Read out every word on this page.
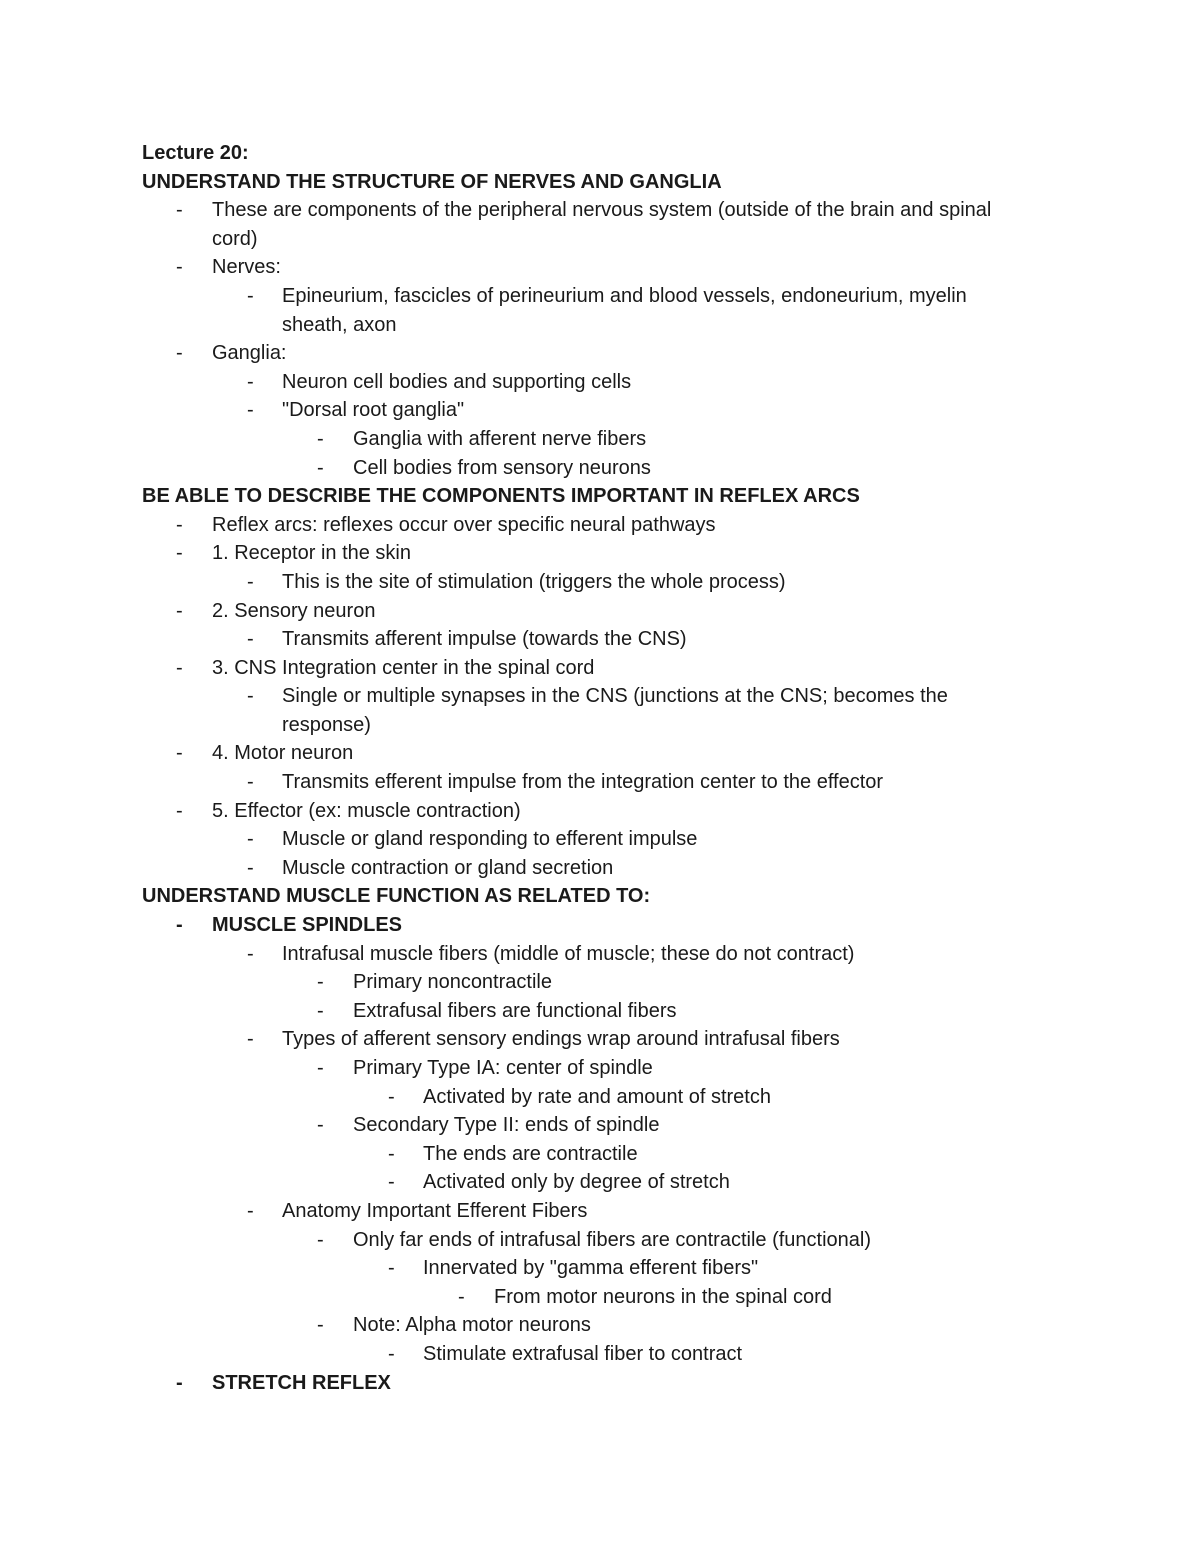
Lecture 20:
UNDERSTAND THE STRUCTURE OF NERVES AND GANGLIA
-	These are components of the peripheral nervous system (outside of the brain and spinal
cord)
-	Nerves:
-	Epineurium, fascicles of perineurium and blood vessels, endoneurium, myelin
sheath, axon
-	Ganglia:
-	Neuron cell bodies and supporting cells
-	"Dorsal root ganglia"
-	Ganglia with afferent nerve fibers
-	Cell bodies from sensory neurons
BE ABLE TO DESCRIBE THE COMPONENTS IMPORTANT IN REFLEX ARCS
-	Reflex arcs: reflexes occur over specific neural pathways
-	1. Receptor in the skin
-	This is the site of stimulation (triggers the whole process)
-	2. Sensory neuron
-	Transmits afferent impulse (towards the CNS)
-	3. CNS Integration center in the spinal cord
-	Single or multiple synapses in the CNS (junctions at the CNS; becomes the
response)
-	4. Motor neuron
-	Transmits efferent impulse from the integration center to the effector
-	5. Effector (ex: muscle contraction)
-	Muscle or gland responding to efferent impulse
-	Muscle contraction or gland secretion
UNDERSTAND MUSCLE FUNCTION AS RELATED TO:
-	MUSCLE SPINDLES
-	Intrafusal muscle fibers (middle of muscle; these do not contract)
-	Primary noncontractile
-	Extrafusal fibers are functional fibers
-	Types of afferent sensory endings wrap around intrafusal fibers
-	Primary Type IA: center of spindle
-	Activated by rate and amount of stretch
-	Secondary Type II: ends of spindle
-	The ends are contractile
-	Activated only by degree of stretch
-	Anatomy Important Efferent Fibers
-	Only far ends of intrafusal fibers are contractile (functional)
-	Innervated by "gamma efferent fibers"
-	From motor neurons in the spinal cord
-	Note: Alpha motor neurons
-	Stimulate extrafusal fiber to contract
-	STRETCH REFLEX
